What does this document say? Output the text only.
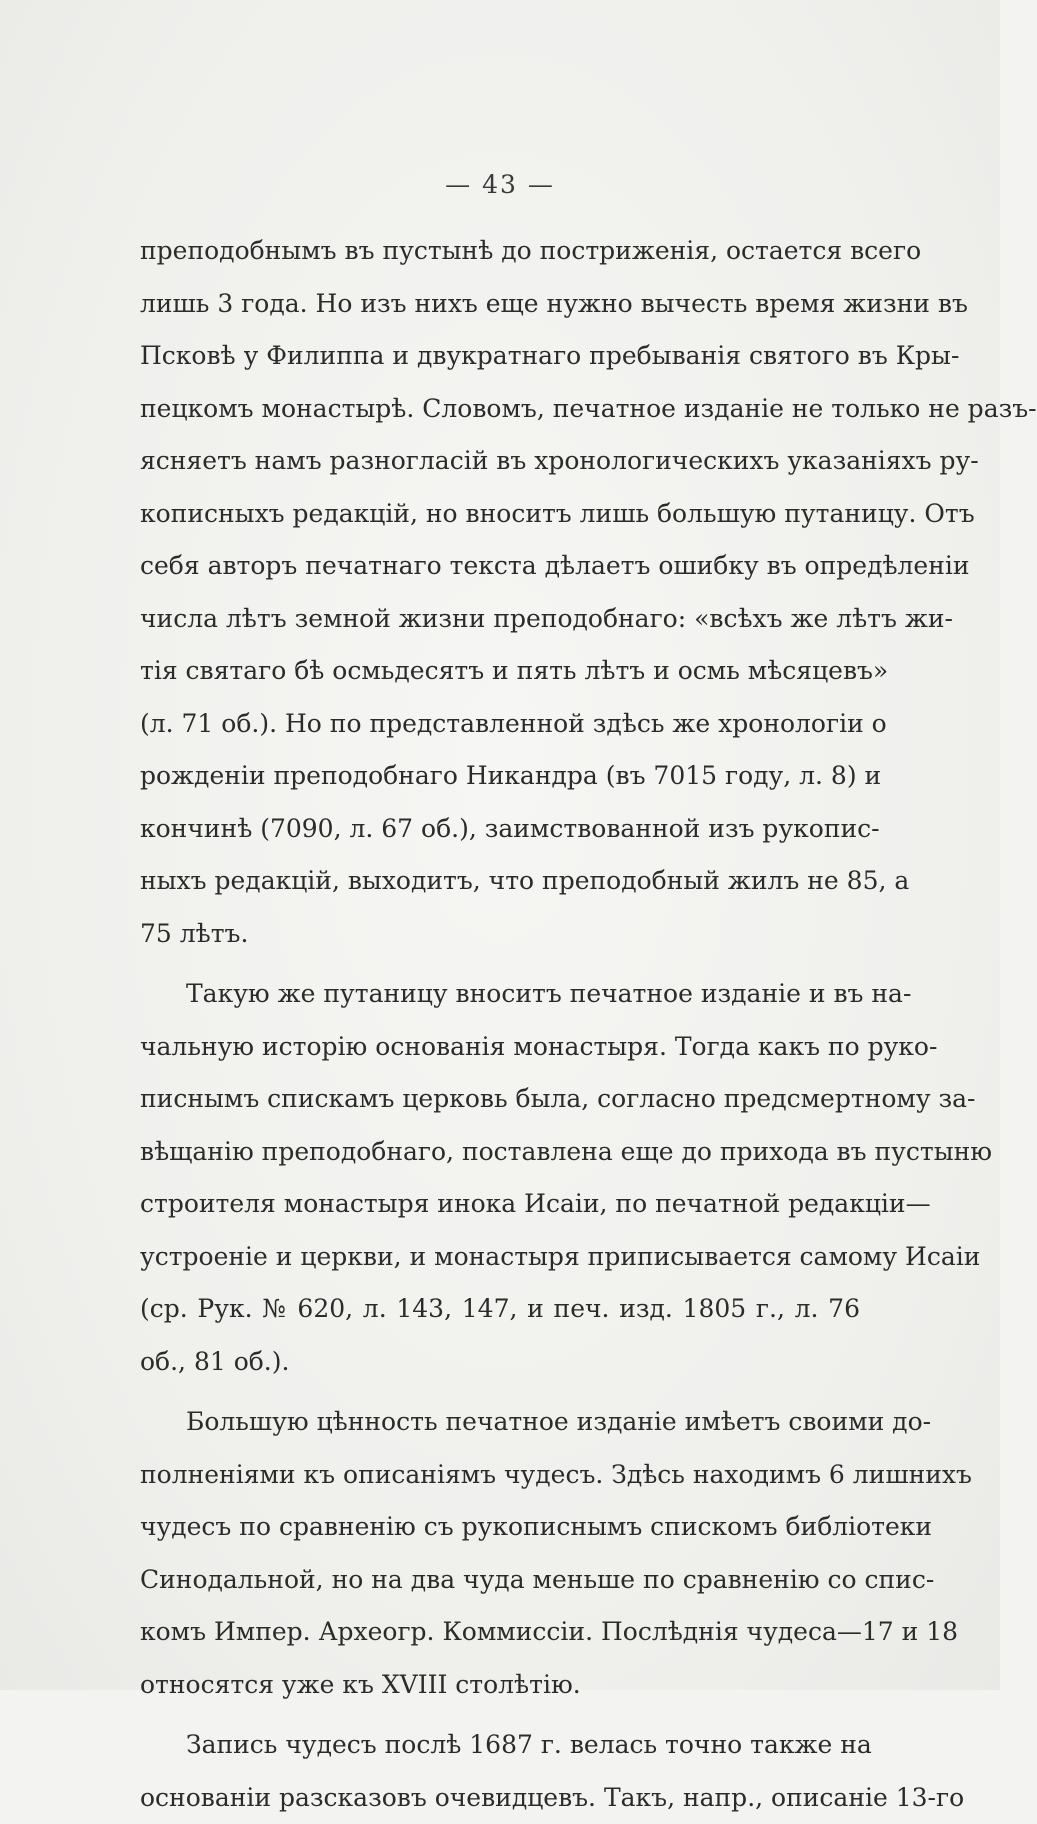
— 43 —
преподобнымъ въ пустынѣ до постриженія, остается всего
лишь 3 года. Но изъ нихъ еще нужно вычесть время жизни въ
Псковѣ у Филиппа и двукратнаго пребыванія святого въ Кры-
пецкомъ монастырѣ. Словомъ, печатное изданіе не только не разъ-
ясняетъ намъ разногласій въ хронологическихъ указаніяхъ ру-
кописныхъ редакцій, но вноситъ лишь большую путаницу. Отъ
себя авторъ печатнаго текста дѣлаетъ ошибку въ опредѣленіи
числа лѣтъ земной жизни преподобнаго: «всѣхъ же лѣтъ жи-
тія святаго бѣ осмьдесятъ и пять лѣтъ и осмь мѣсяцевъ»
(л. 71 об.). Но по представленной здѣсь же хронологіи о
рожденіи преподобнаго Никандра (въ 7015 году, л. 8) и
кончинѣ (7090, л. 67 об.), заимствованной изъ рукопис-
ныхъ редакцій, выходитъ, что преподобный жилъ не 85, а
75 лѣтъ.
Такую же путаницу вноситъ печатное изданіе и въ на-
чальную исторію основанія монастыря. Тогда какъ по руко-
писнымъ спискамъ церковь была, согласно предсмертному за-
вѣщанію преподобнаго, поставлена еще до прихода въ пустыню
строителя монастыря инока Исаіи, по печатной редакціи—
устроеніе и церкви, и монастыря приписывается самому Исаіи
(ср. Рук. № 620, л. 143, 147, и печ. изд. 1805 г., л. 76
об., 81 об.).
Большую цѣнность печатное изданіе имѣетъ своими до-
полненіями къ описаніямъ чудесъ. Здѣсь находимъ 6 лишнихъ
чудесъ по сравненію съ рукописнымъ спискомъ библіотеки
Синодальной, но на два чуда меньше по сравненію со спис-
комъ Импер. Археогр. Коммиссіи. Послѣднія чудеса—17 и 18
относятся уже къ XVIII столѣтію.
Запись чудесъ послѣ 1687 г. велась точно также на
основаніи разсказовъ очевидцевъ. Такъ, напр., описаніе 13-го
